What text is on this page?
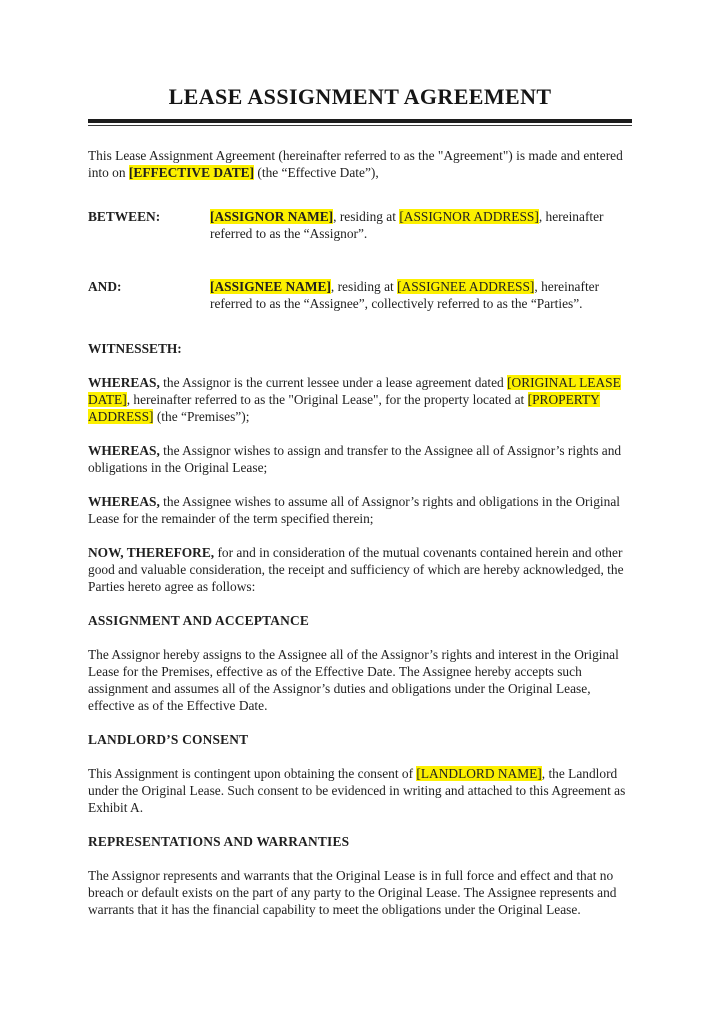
LEASE ASSIGNMENT AGREEMENT

This Lease Assignment Agreement (hereinafter referred to as the "Agreement") is made and entered into on [EFFECTIVE DATE] (the “Effective Date”),

BETWEEN:	[ASSIGNOR NAME], residing at [ASSIGNOR ADDRESS], hereinafter referred to as the “Assignor”.
AND:	[ASSIGNEE NAME], residing at [ASSIGNEE ADDRESS], hereinafter referred to as the “Assignee”, collectively referred to as the “Parties”.

WITNESSETH:

WHEREAS, the Assignor is the current lessee under a lease agreement dated [ORIGINAL LEASE DATE], hereinafter referred to as the "Original Lease", for the property located at [PROPERTY ADDRESS] (the “Premises”);

WHEREAS, the Assignor wishes to assign and transfer to the Assignee all of Assignor’s rights and obligations in the Original Lease;

WHEREAS, the Assignee wishes to assume all of Assignor’s rights and obligations in the Original Lease for the remainder of the term specified therein;

NOW, THEREFORE, for and in consideration of the mutual covenants contained herein and other good and valuable consideration, the receipt and sufficiency of which are hereby acknowledged, the Parties hereto agree as follows:

ASSIGNMENT AND ACCEPTANCE

The Assignor hereby assigns to the Assignee all of the Assignor’s rights and interest in the Original Lease for the Premises, effective as of the Effective Date. The Assignee hereby accepts such assignment and assumes all of the Assignor’s duties and obligations under the Original Lease, effective as of the Effective Date.

LANDLORD’S CONSENT

This Assignment is contingent upon obtaining the consent of [LANDLORD NAME], the Landlord under the Original Lease. Such consent to be evidenced in writing and attached to this Agreement as Exhibit A.

REPRESENTATIONS AND WARRANTIES

The Assignor represents and warrants that the Original Lease is in full force and effect and that no breach or default exists on the part of any party to the Original Lease. The Assignee represents and warrants that it has the financial capability to meet the obligations under the Original Lease.
